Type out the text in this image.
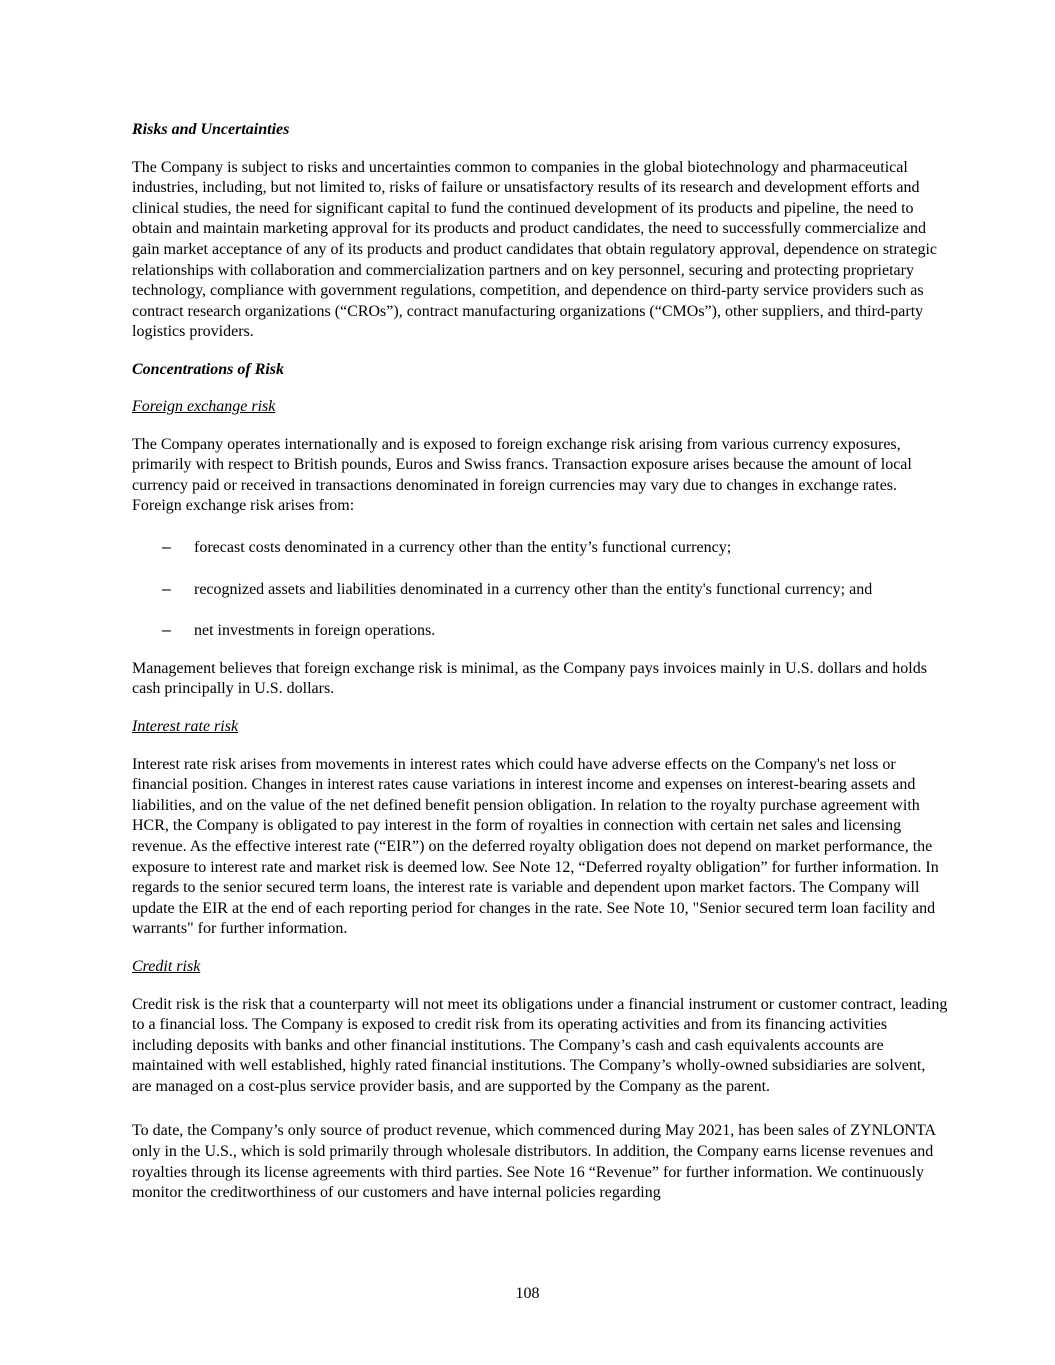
Risks and Uncertainties

The Company is subject to risks and uncertainties common to companies in the global biotechnology and pharmaceutical industries, including, but not limited to, risks of failure or unsatisfactory results of its research and development efforts and clinical studies, the need for significant capital to fund the continued development of its products and pipeline, the need to obtain and maintain marketing approval for its products and product candidates, the need to successfully commercialize and gain market acceptance of any of its products and product candidates that obtain regulatory approval, dependence on strategic relationships with collaboration and commercialization partners and on key personnel, securing and protecting proprietary technology, compliance with government regulations, competition, and dependence on third-party service providers such as contract research organizations (“CROs”), contract manufacturing organizations (“CMOs”), other suppliers, and third-party logistics providers.

Concentrations of Risk

Foreign exchange risk

The Company operates internationally and is exposed to foreign exchange risk arising from various currency exposures, primarily with respect to British pounds, Euros and Swiss francs. Transaction exposure arises because the amount of local currency paid or received in transactions denominated in foreign currencies may vary due to changes in exchange rates. Foreign exchange risk arises from:

– forecast costs denominated in a currency other than the entity’s functional currency;
– recognized assets and liabilities denominated in a currency other than the entity's functional currency; and
– net investments in foreign operations.

Management believes that foreign exchange risk is minimal, as the Company pays invoices mainly in U.S. dollars and holds cash principally in U.S. dollars.

Interest rate risk

Interest rate risk arises from movements in interest rates which could have adverse effects on the Company's net loss or financial position. Changes in interest rates cause variations in interest income and expenses on interest-bearing assets and liabilities, and on the value of the net defined benefit pension obligation. In relation to the royalty purchase agreement with HCR, the Company is obligated to pay interest in the form of royalties in connection with certain net sales and licensing revenue. As the effective interest rate (“EIR”) on the deferred royalty obligation does not depend on market performance, the exposure to interest rate and market risk is deemed low. See Note 12, “Deferred royalty obligation” for further information. In regards to the senior secured term loans, the interest rate is variable and dependent upon market factors. The Company will update the EIR at the end of each reporting period for changes in the rate. See Note 10, "Senior secured term loan facility and warrants" for further information.

Credit risk

Credit risk is the risk that a counterparty will not meet its obligations under a financial instrument or customer contract, leading to a financial loss. The Company is exposed to credit risk from its operating activities and from its financing activities including deposits with banks and other financial institutions. The Company’s cash and cash equivalents accounts are maintained with well established, highly rated financial institutions. The Company’s wholly-owned subsidiaries are solvent, are managed on a cost-plus service provider basis, and are supported by the Company as the parent.

To date, the Company’s only source of product revenue, which commenced during May 2021, has been sales of ZYNLONTA only in the U.S., which is sold primarily through wholesale distributors. In addition, the Company earns license revenues and royalties through its license agreements with third parties. See Note 16 “Revenue” for further information. We continuously monitor the creditworthiness of our customers and have internal policies regarding

108
